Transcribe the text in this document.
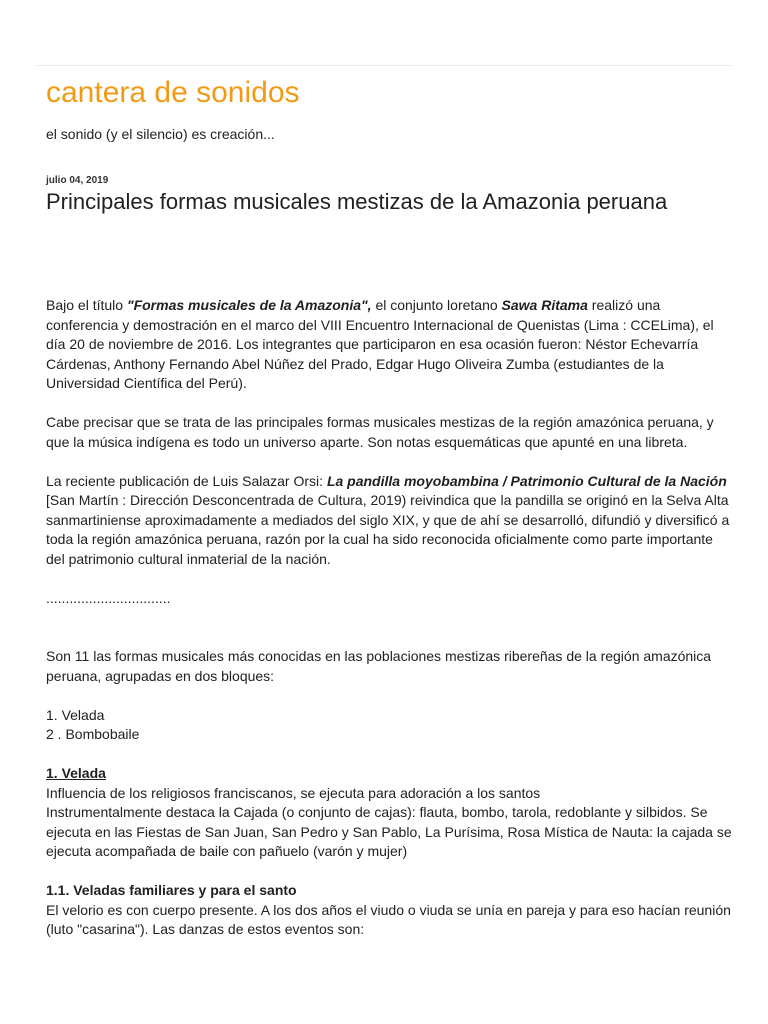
cantera de sonidos

el sonido (y el silencio) es creación...

julio 04, 2019
Principales formas musicales mestizas de la Amazonia peruana

Bajo el título "Formas musicales de la Amazonia", el conjunto loretano Sawa Ritama realizó una conferencia y demostración en el marco del VIII Encuentro Internacional de Quenistas (Lima : CCELima), el día 20 de noviembre de 2016. Los integrantes que participaron en esa ocasión fueron: Néstor Echevarría Cárdenas, Anthony Fernando Abel Núñez del Prado, Edgar Hugo Oliveira Zumba (estudiantes de la Universidad Científica del Perú).

Cabe precisar que se trata de las principales formas musicales mestizas de la región amazónica peruana, y que la música indígena es todo un universo aparte. Son notas esquemáticas que apunté en una libreta.

La reciente publicación de Luis Salazar Orsi: La pandilla moyobambina / Patrimonio Cultural de la Nación [San Martín : Dirección Desconcentrada de Cultura, 2019) reivindica que la pandilla se originó en la Selva Alta sanmartiniense aproximadamente a mediados del siglo XIX, y que de ahí se desarrolló, difundió y diversificó a toda la región amazónica peruana, razón por la cual ha sido reconocida oficialmente como parte importante del patrimonio cultural inmaterial de la nación.

................................

Son 11 las formas musicales más conocidas en las poblaciones mestizas ribereñas de la región amazónica peruana, agrupadas en dos bloques:

1. Velada
2 . Bombobaile

1. Velada

Influencia de los religiosos franciscanos, se ejecuta para adoración a los santos
Instrumentalmente destaca la Cajada (o conjunto de cajas): flauta, bombo, tarola, redoblante y silbidos. Se ejecuta en las Fiestas de San Juan, San Pedro y San Pablo, La Purísima, Rosa Mística de Nauta: la cajada se ejecuta acompañada de baile con pañuelo (varón y mujer)

1.1. Veladas familiares y para el santo

El velorio es con cuerpo presente. A los dos años el viudo o viuda se unía en pareja y para eso hacían reunión (luto "casarina"). Las danzas de estos eventos son:
